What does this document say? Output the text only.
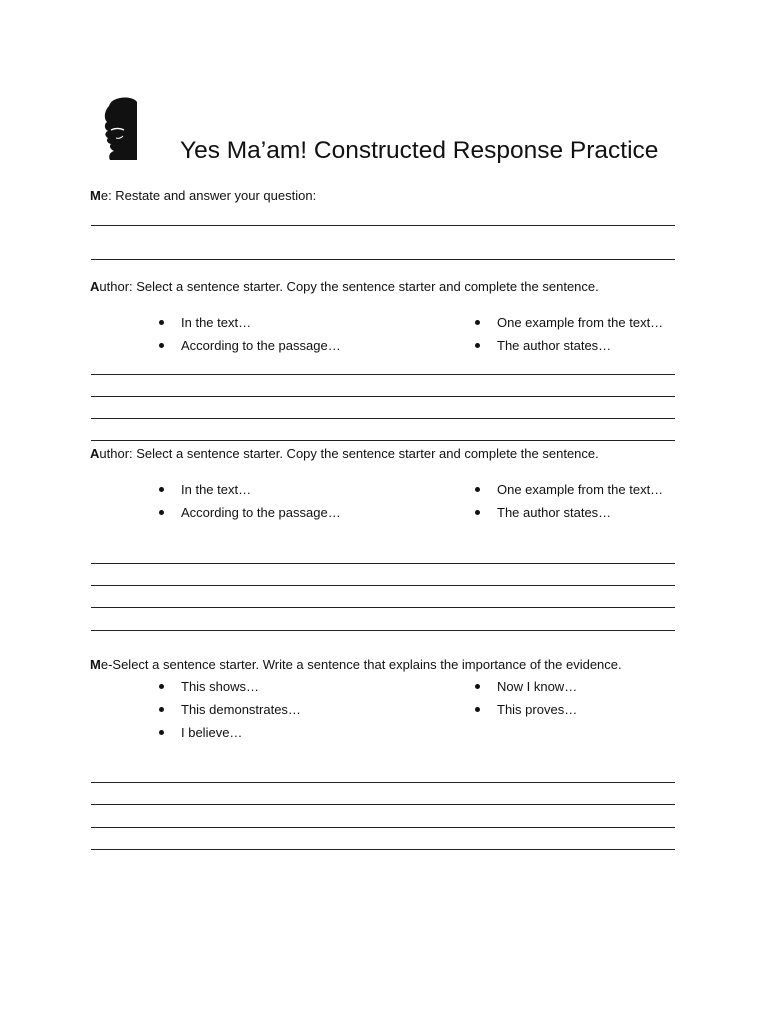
Yes Ma’am! Constructed Response Practice
Me: Restate and answer your question:
Author: Select a sentence starter. Copy the sentence starter and complete the sentence.
In the text…
According to the passage…
One example from the text…
The author states…
Author: Select a sentence starter. Copy the sentence starter and complete the sentence.
In the text…
According to the passage…
One example from the text…
The author states…
Me-Select a sentence starter. Write a sentence that explains the importance of the evidence.
This shows…
This demonstrates…
I believe…
Now I know…
This proves…
